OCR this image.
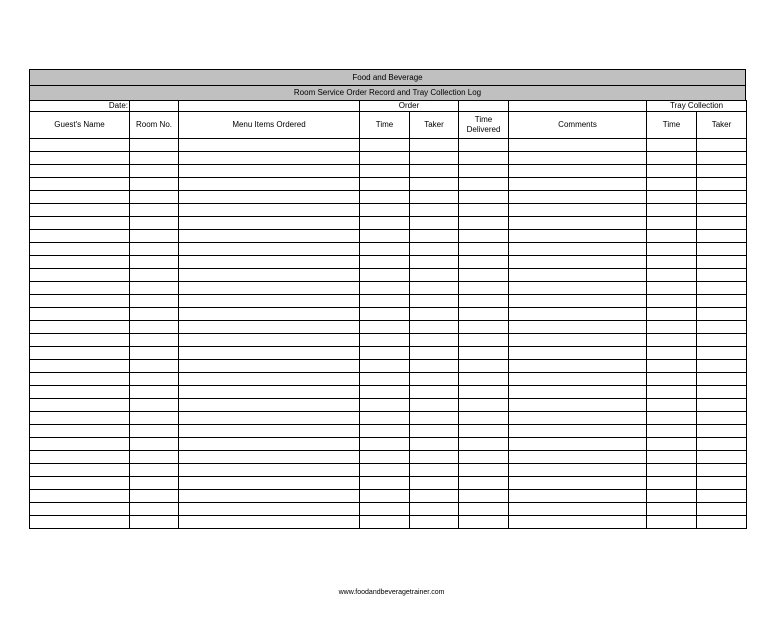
Food and Beverage
Room Service Order Record and Tray Collection Log
Date:			Order				Tray Collection	
Guest's Name	Room No.	Menu Items Ordered	Time	Taker	Time Delivered	Comments	Time	Taker

www.foodandbeveragetrainer.com
